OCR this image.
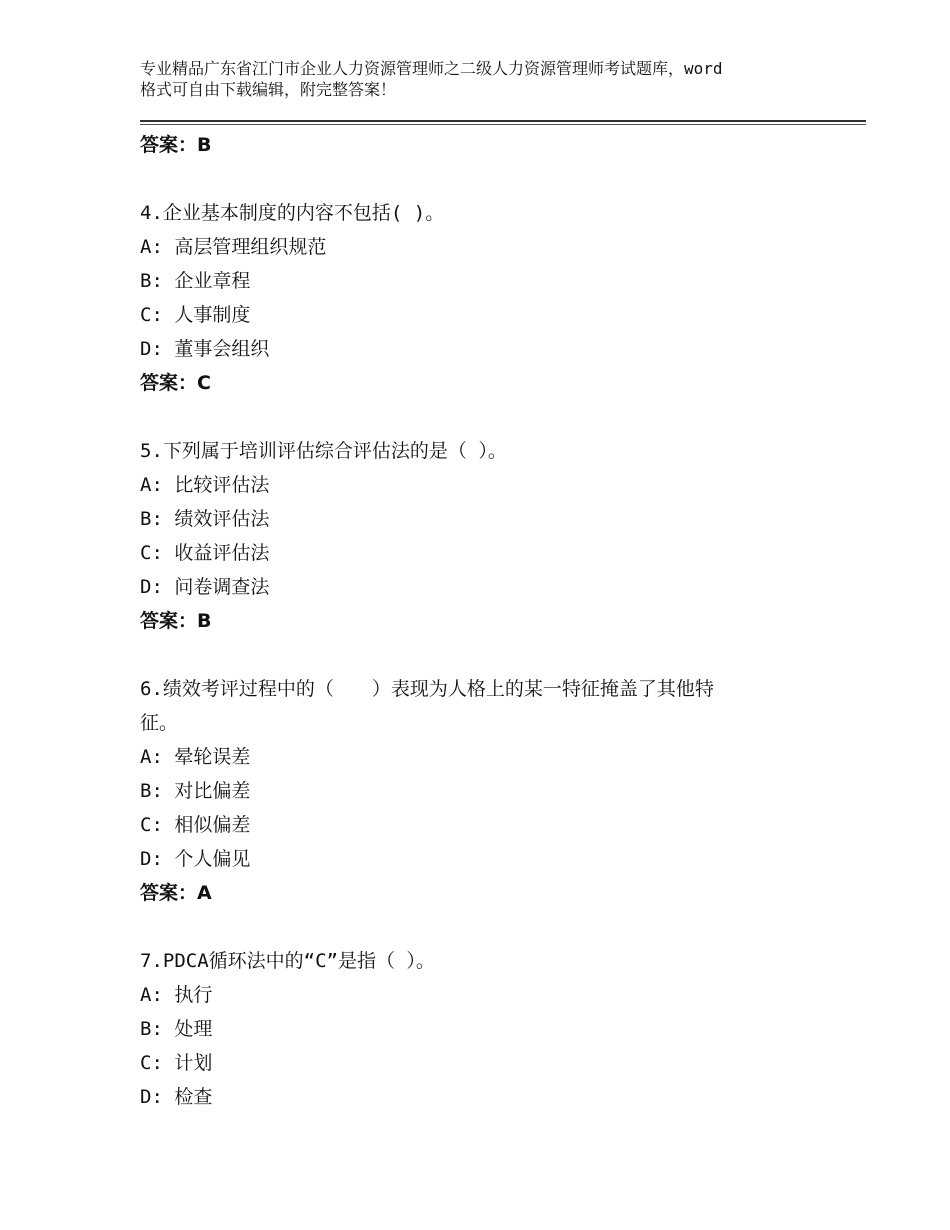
专业精品广东省江门市企业人力资源管理师之二级人力资源管理师考试题库，word
格式可自由下载编辑，附完整答案！
答案：B
4.企业基本制度的内容不包括( )。
A: 高层管理组织规范
B: 企业章程
C: 人事制度
D: 董事会组织
答案：C
5.下列属于培训评估综合评估法的是（ ）。
A: 比较评估法
B: 绩效评估法
C: 收益评估法
D: 问卷调查法
答案：B
6.绩效考评过程中的（　　）表现为人格上的某一特征掩盖了其他特
征。
A: 晕轮误差
B: 对比偏差
C: 相似偏差
D: 个人偏见
答案：A
7.PDCA循环法中的“C”是指（ ）。
A: 执行
B: 处理
C: 计划
D: 检查
